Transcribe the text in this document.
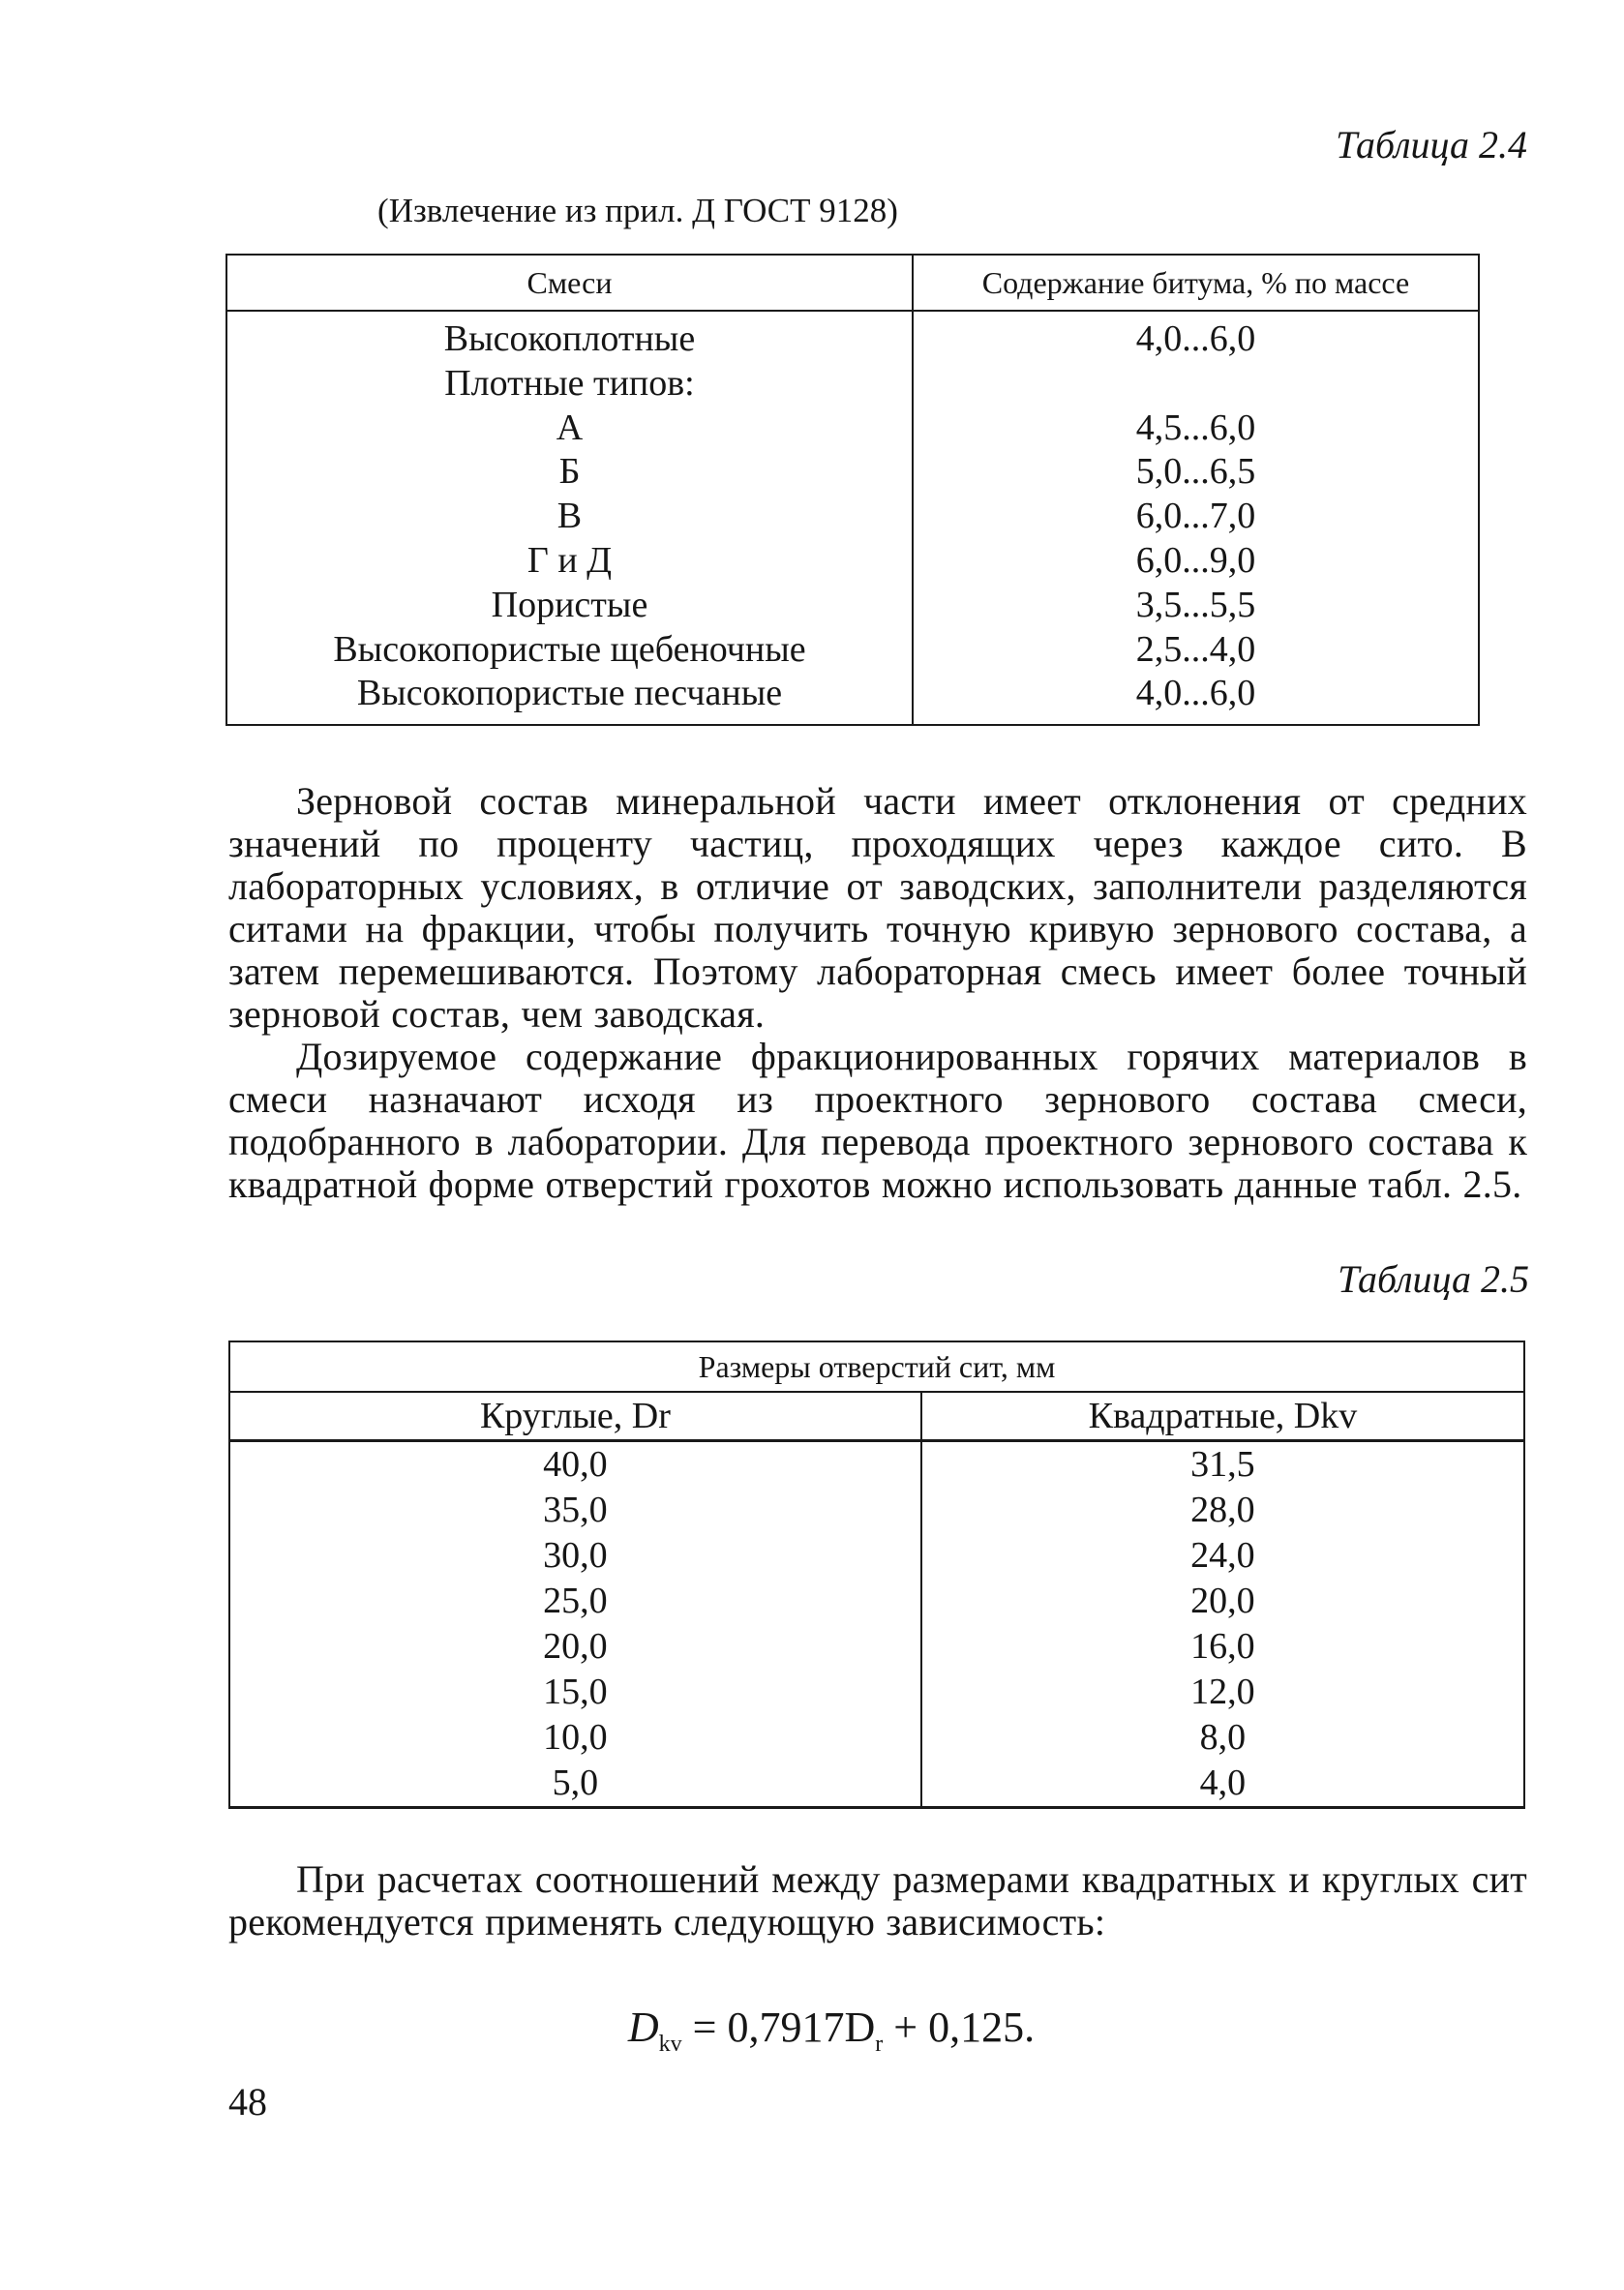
Таблица 2.4
(Извлечение из прил. Д ГОСТ 9128)
Смеси	Содержание битума, % по массе
Высокоплотные	4,0...6,0
Плотные типов:	
А	4,5...6,0
Б	5,0...6,5
В	6,0...7,0
Г и Д	6,0...9,0
Пористые	3,5...5,5
Высокопористые щебеночные	2,5...4,0
Высокопористые песчаные	4,0...6,0
Зерновой состав минеральной части имеет отклонения от средних значений по проценту частиц, проходящих через каждое сито. В лабораторных условиях, в отличие от заводских, заполнители разделяются ситами на фракции, чтобы получить точную кривую зернового состава, а затем перемешиваются. Поэтому лабораторная смесь имеет более точный зерновой состав, чем заводская.
Дозируемое содержание фракционированных горячих материалов в смеси назначают исходя из проектного зернового состава смеси, подобранного в лаборатории. Для перевода проектного зернового состава к квадратной форме отверстий грохотов можно использовать данные табл. 2.5.
Таблица 2.5
Размеры отверстий сит, мм	
Круглые, Dr	Квадратные, Dkv
40,0	31,5
35,0	28,0
30,0	24,0
25,0	20,0
20,0	16,0
15,0	12,0
10,0	8,0
5,0	4,0
При расчетах соотношений между размерами квадратных и круглых сит рекомендуется применять следующую зависимость:
$D_{kv} = 0,7917D_r + 0,125$.
48
